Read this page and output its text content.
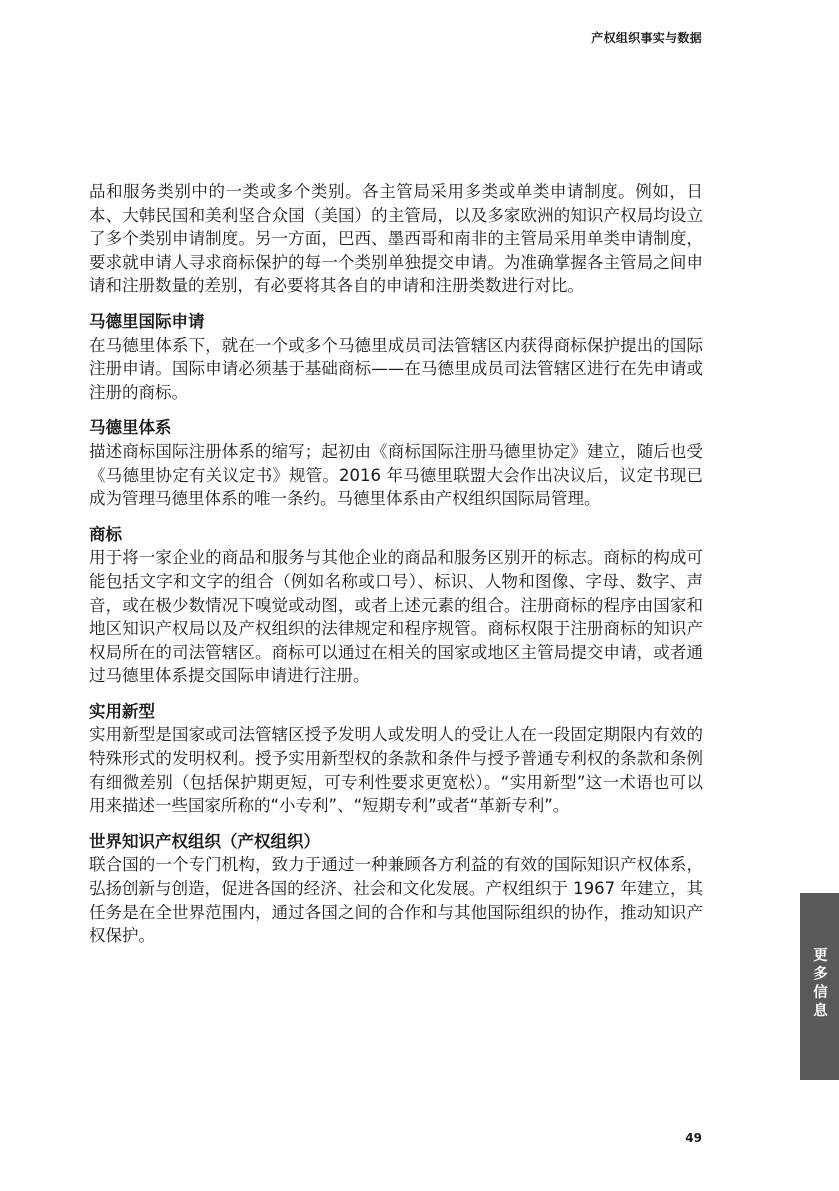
产权组织事实与数据

品和服务类别中的一类或多个类别。各主管局采用多类或单类申请制度。例如，日本、大韩民国和美利坚合众国（美国）的主管局，以及多家欧洲的知识产权局均设立了多个类别申请制度。另一方面，巴西、墨西哥和南非的主管局采用单类申请制度，要求就申请人寻求商标保护的每一个类别单独提交申请。为准确掌握各主管局之间申请和注册数量的差别，有必要将其各自的申请和注册类数进行对比。

马德里国际申请

在马德里体系下，就在一个或多个马德里成员司法管辖区内获得商标保护提出的国际注册申请。国际申请必须基于基础商标——在马德里成员司法管辖区进行在先申请或注册的商标。

马德里体系

描述商标国际注册体系的缩写；起初由《商标国际注册马德里协定》建立，随后也受《马德里协定有关议定书》规管。2016 年马德里联盟大会作出决议后，议定书现已成为管理马德里体系的唯一条约。马德里体系由产权组织国际局管理。

商标

用于将一家企业的商品和服务与其他企业的商品和服务区别开的标志。商标的构成可能包括文字和文字的组合（例如名称或口号）、标识、人物和图像、字母、数字、声音，或在极少数情况下嗅觉或动图，或者上述元素的组合。注册商标的程序由国家和地区知识产权局以及产权组织的法律规定和程序规管。商标权限于注册商标的知识产权局所在的司法管辖区。商标可以通过在相关的国家或地区主管局提交申请，或者通过马德里体系提交国际申请进行注册。

实用新型

实用新型是国家或司法管辖区授予发明人或发明人的受让人在一段固定期限内有效的特殊形式的发明权利。授予实用新型权的条款和条件与授予普通专利权的条款和条例有细微差别（包括保护期更短，可专利性要求更宽松）。“实用新型”这一术语也可以用来描述一些国家所称的“小专利”、“短期专利”或者“革新专利”。

世界知识产权组织（产权组织）

联合国的一个专门机构，致力于通过一种兼顾各方利益的有效的国际知识产权体系，弘扬创新与创造，促进各国的经济、社会和文化发展。产权组织于 1967 年建立，其任务是在全世界范围内，通过各国之间的合作和与其他国际组织的协作，推动知识产权保护。

更多信息
49
